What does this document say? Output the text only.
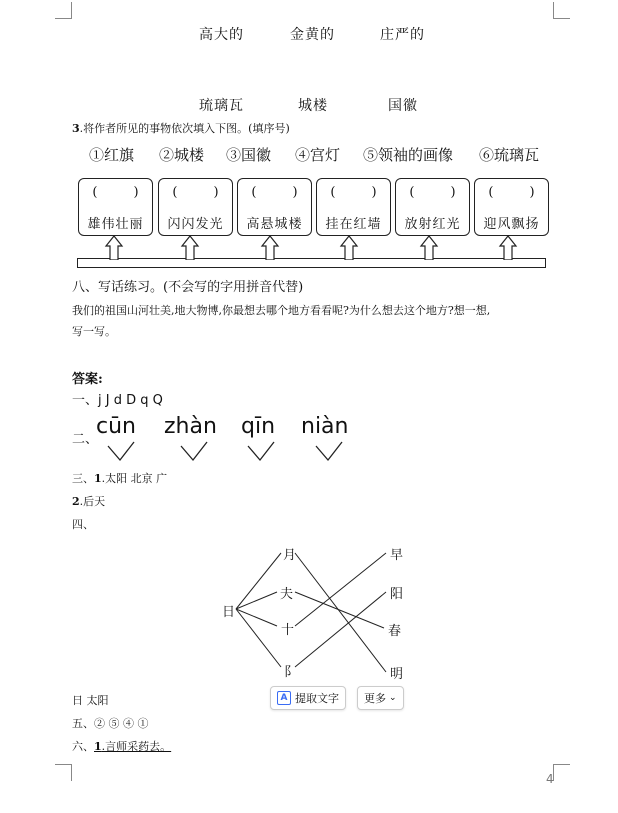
高大的	金黄的	庄严的
琉璃瓦	城楼	国徽
3.将作者所见的事物依次填入下图。(填序号)
①红旗 ②城楼 ③国徽 ④宫灯 ⑤领袖的画像 ⑥琉璃瓦
(	)
雄伟壮丽
(	)
闪闪发光
(	)
高悬城楼
(	)
挂在红墙
(	)
放射红光
(	)
迎风飘扬
八、写话练习。(不会写的字用拼音代替)
我们的祖国山河壮美,地大物博,你最想去哪个地方看看呢?为什么想去这个地方?想一想,
写一写。
答案:
一、j J d D q Q
二、
cūn zhàn qīn niàn
三、1.太阳 北京 广
2.后天
四、
日
月
夫
十
阝
早
阳
春
明
日 太阳	A 提取文字 更多 ⌄
五、② ⑤ ④ ①
六、1.言师采药去。
4
